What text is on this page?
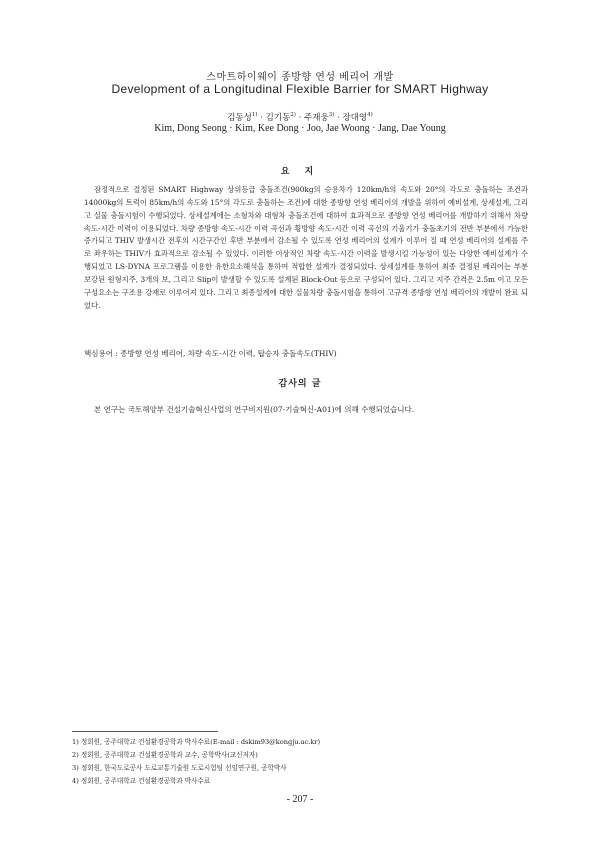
스마트하이웨이 종방향 연성 베리어 개발
Development of a Longitudinal Flexible Barrier for SMART Highway
김동성$^{1)}$ · 김기동$^{2)}$ · 주재웅$^{3)}$ · 장대영$^{4)}$
Kim, Dong Seong · Kim, Kee Dong · Joo, Jae Woong · Jang, Dae Young
요 지

잠정적으로 결정된 SMART Highway 상위등급 충돌조건(900kg의 승용차가 120km/h의 속도와 20°의 각도로 충돌하는 조건과 14000kg의 트럭이 85km/h의 속도와 15°의 각도로 충돌하는 조건)에 대한 종방향 연성 베리어의 개발을 위하여 예비설계, 상세설계, 그리고 실물 충돌시험이 수행되었다. 상세설계에는 소형차와 대형차 충돌조건에 대하여 효과적으로 종방향 연성 베리어를 개발하기 위해서 차량 속도-시간 이력이 이용되었다. 차량 종방향 속도-시간 이력 곡선과 횡방향 속도-시간 이력 곡선의 기울기가 충돌초기의 전반 부분에서 가능한 증가되고 THIV 발생시간 전후의 시간구간인 후반 부분에서 감소될 수 있도록 연성 베리어의 설계가 이루어 질 때 연성 베리어의 설계를 주로 좌우하는 THIV가 효과적으로 감소될 수 있었다. 이러한 이상적인 차량 속도-시간 이력을 발생시킬 가능성이 있는 다양한 예비설계가 수행되었고 LS-DYNA 프로그램을 이용한 유한요소해석을 통하여 적합한 설계가 결정되었다. 상세설계를 통하여 최종 결정된 베리어는 부분 보강된 원형지주, 3개의 보, 그리고 Slip이 발생할 수 있도록 설계된 Block-Out 등으로 구성되어 있다. 그리고 지주 간격은 2.5m 이고 모든 구성요소는 구조용 강재로 이루어져 있다. 그리고 최종설계에 대한 실물차량 충돌시험을 통하여 고규격 종방향 연성 베리어의 개발이 완료 되었다.

핵심용어 : 종방향 연성 베리어, 차량 속도-시간 이력, 탑승자 충돌속도(THIV)

감사의 글

본 연구는 국토해양부 건설기술혁신사업의 연구비지원(07-기술혁신-A01)에 의해 수행되었습니다.

1) 정회원, 공주대학교 건설환경공학과 박사수료(E-mail : dskim93@kongju.ac.kr)
2) 정회원, 공주대학교 건설환경공학과 교수, 공학박사(교신저자)
3) 정회원, 한국도로공사 도로교통기술원 도로시험팀 선임연구원, 공학박사
4) 정회원, 공주대학교 건설환경공학과 박사수료
- 207 -
